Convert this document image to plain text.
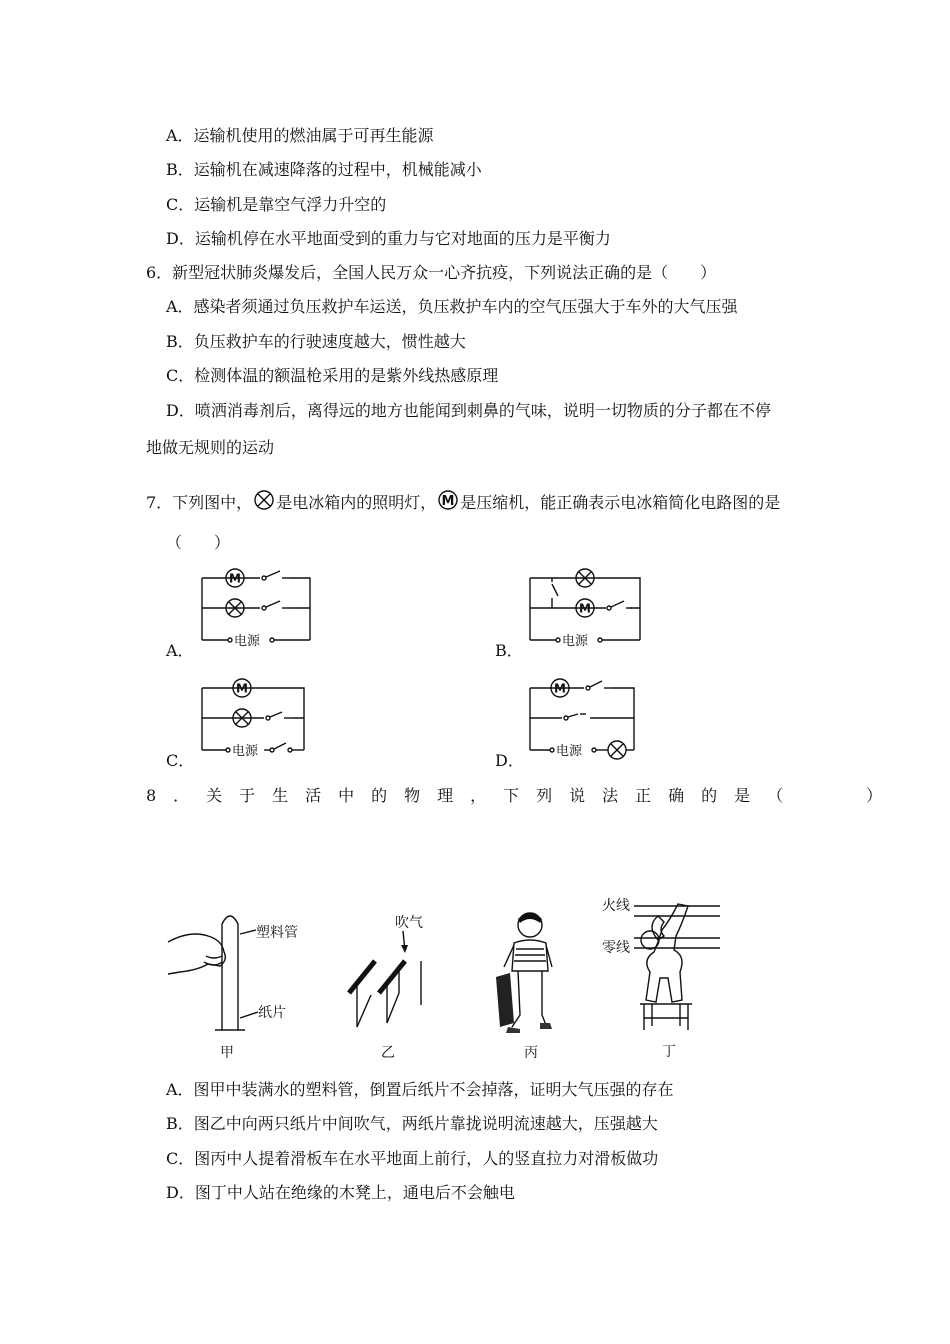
A．运输机使用的燃油属于可再生能源
B．运输机在减速降落的过程中，机械能减小
C．运输机是靠空气浮力升空的
D．运输机停在水平地面受到的重力与它对地面的压力是平衡力
6．新型冠状肺炎爆发后，全国人民万众一心齐抗疫，下列说法正确的是（　　）
A．感染者须通过负压救护车运送，负压救护车内的空气压强大于车外的大气压强
B．负压救护车的行驶速度越大，惯性越大
C．检测体温的额温枪采用的是紫外线热感原理
D．喷洒消毒剂后，离得远的地方也能闻到刺鼻的气味，说明一切物质的分子都在不停
地做无规则的运动
7．下列图中， 是电冰箱内的照明灯， M 是压缩机，能正确表示电冰箱简化电路图的是
（　　）
M
电源
A．
M
电源
B．
M
电源
C．
M
电源
D．
8．关于生活中的物理，下列说法正确的是（　　）
塑料管
纸片
甲
吹气
乙	丙
火线
零线
丁
A．图甲中装满水的塑料管，倒置后纸片不会掉落，证明大气压强的存在
B．图乙中向两只纸片中间吹气，两纸片靠拢说明流速越大，压强越大
C．图丙中人提着滑板车在水平地面上前行，人的竖直拉力对滑板做功
D．图丁中人站在绝缘的木凳上，通电后不会触电
